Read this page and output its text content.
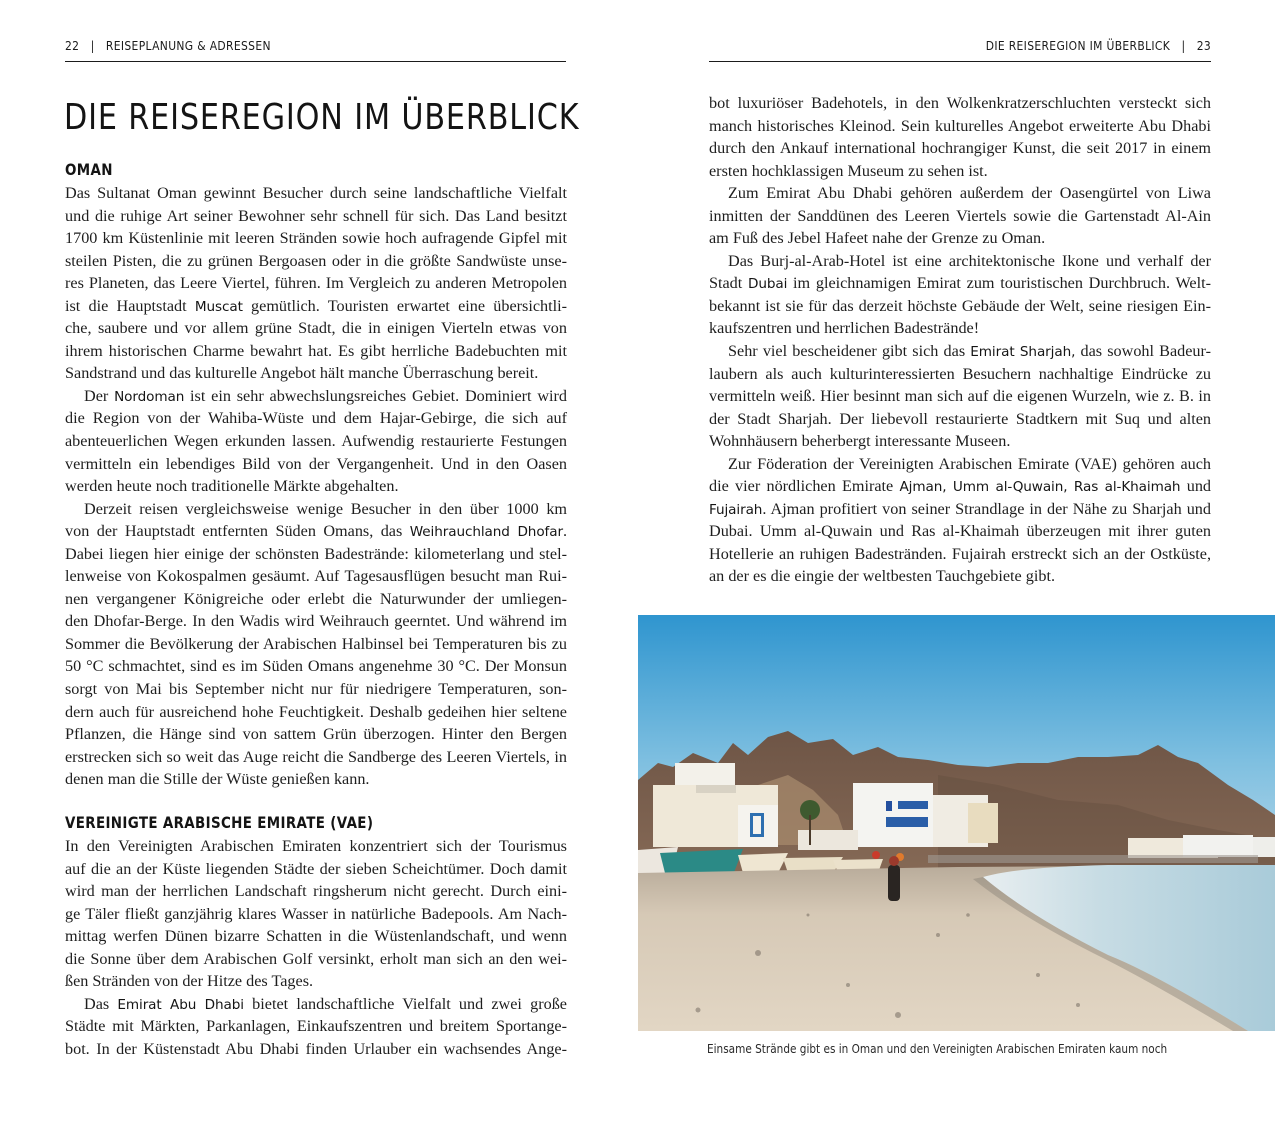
22 | REISEPLANUNG & ADRESSEN
DIE REISEREGION IM ÜBERBLICK
OMAN
Das Sultanat Oman gewinnt Besucher durch seine landschaftliche Vielfalt
und die ruhige Art seiner Bewohner sehr schnell für sich. Das Land besitzt
1700 km Küstenlinie mit leeren Stränden sowie hoch aufragende Gipfel mit
steilen Pisten, die zu grünen Bergoasen oder in die größte Sandwüste unse-
res Planeten, das Leere Viertel, führen. Im Vergleich zu anderen Metropolen
ist die Hauptstadt Muscat gemütlich. Touristen erwartet eine übersichtli-
che, saubere und vor allem grüne Stadt, die in einigen Vierteln etwas von
ihrem historischen Charme bewahrt hat. Es gibt herrliche Badebuchten mit
Sandstrand und das kulturelle Angebot hält manche Überraschung bereit.
Der Nordoman ist ein sehr abwechslungsreiches Gebiet. Dominiert wird
die Region von der Wahiba-Wüste und dem Hajar-Gebirge, die sich auf
abenteuerlichen Wegen erkunden lassen. Aufwendig restaurierte Festungen
vermitteln ein lebendiges Bild von der Vergangenheit. Und in den Oasen
werden heute noch traditionelle Märkte abgehalten.
Derzeit reisen vergleichsweise wenige Besucher in den über 1000 km
von der Hauptstadt entfernten Süden Omans, das Weihrauchland Dhofar.
Dabei liegen hier einige der schönsten Badestrände: kilometerlang und stel-
lenweise von Kokospalmen gesäumt. Auf Tagesausflügen besucht man Rui-
nen vergangener Königreiche oder erlebt die Naturwunder der umliegen-
den Dhofar-Berge. In den Wadis wird Weihrauch geerntet. Und während im
Sommer die Bevölkerung der Arabischen Halbinsel bei Temperaturen bis zu
50 °C schmachtet, sind es im Süden Omans angenehme 30 °C. Der Monsun
sorgt von Mai bis September nicht nur für niedrigere Temperaturen, son-
dern auch für ausreichend hohe Feuchtigkeit. Deshalb gedeihen hier seltene
Pflanzen, die Hänge sind von sattem Grün überzogen. Hinter den Bergen
erstrecken sich so weit das Auge reicht die Sandberge des Leeren Viertels, in
denen man die Stille der Wüste genießen kann.
VEREINIGTE ARABISCHE EMIRATE (VAE)
In den Vereinigten Arabischen Emiraten konzentriert sich der Tourismus
auf die an der Küste liegenden Städte der sieben Scheichtümer. Doch damit
wird man der herrlichen Landschaft ringsherum nicht gerecht. Durch eini-
ge Täler fließt ganzjährig klares Wasser in natürliche Badepools. Am Nach-
mittag werfen Dünen bizarre Schatten in die Wüstenlandschaft, und wenn
die Sonne über dem Arabischen Golf versinkt, erholt man sich an den wei-
ßen Stränden von der Hitze des Tages.
Das Emirat Abu Dhabi bietet landschaftliche Vielfalt und zwei große
Städte mit Märkten, Parkanlagen, Einkaufszentren und breitem Sportange-
bot. In der Küstenstadt Abu Dhabi finden Urlauber ein wachsendes Ange-
DIE REISEREGION IM ÜBERBLICK | 23
bot luxuriöser Badehotels, in den Wolkenkratzerschluchten versteckt sich
manch historisches Kleinod. Sein kulturelles Angebot erweiterte Abu Dhabi
durch den Ankauf international hochrangiger Kunst, die seit 2017 in einem
ersten hochklassigen Museum zu sehen ist.
Zum Emirat Abu Dhabi gehören außerdem der Oasengürtel von Liwa
inmitten der Sanddünen des Leeren Viertels sowie die Gartenstadt Al-Ain
am Fuß des Jebel Hafeet nahe der Grenze zu Oman.
Das Burj-al-Arab-Hotel ist eine architektonische Ikone und verhalf der
Stadt Dubai im gleichnamigen Emirat zum touristischen Durchbruch. Welt-
bekannt ist sie für das derzeit höchste Gebäude der Welt, seine riesigen Ein-
kaufszentren und herrlichen Badestrände!
Sehr viel bescheidener gibt sich das Emirat Sharjah, das sowohl Badeur-
laubern als auch kulturinteressierten Besuchern nachhaltige Eindrücke zu
vermitteln weiß. Hier besinnt man sich auf die eigenen Wurzeln, wie z. B. in
der Stadt Sharjah. Der liebevoll restaurierte Stadtkern mit Suq und alten
Wohnhäusern beherbergt interessante Museen.
Zur Föderation der Vereinigten Arabischen Emirate (VAE) gehören auch
die vier nördlichen Emirate Ajman, Umm al-Quwain, Ras al-Khaimah und
Fujairah. Ajman profitiert von seiner Strandlage in der Nähe zu Sharjah und
Dubai. Umm al-Quwain und Ras al-Khaimah überzeugen mit ihrer guten
Hotellerie an ruhigen Badestränden. Fujairah erstreckt sich an der Ostküste,
an der es die eingie der weltbesten Tauchgebiete gibt.
Einsame Strände gibt es in Oman und den Vereinigten Arabischen Emiraten kaum noch
